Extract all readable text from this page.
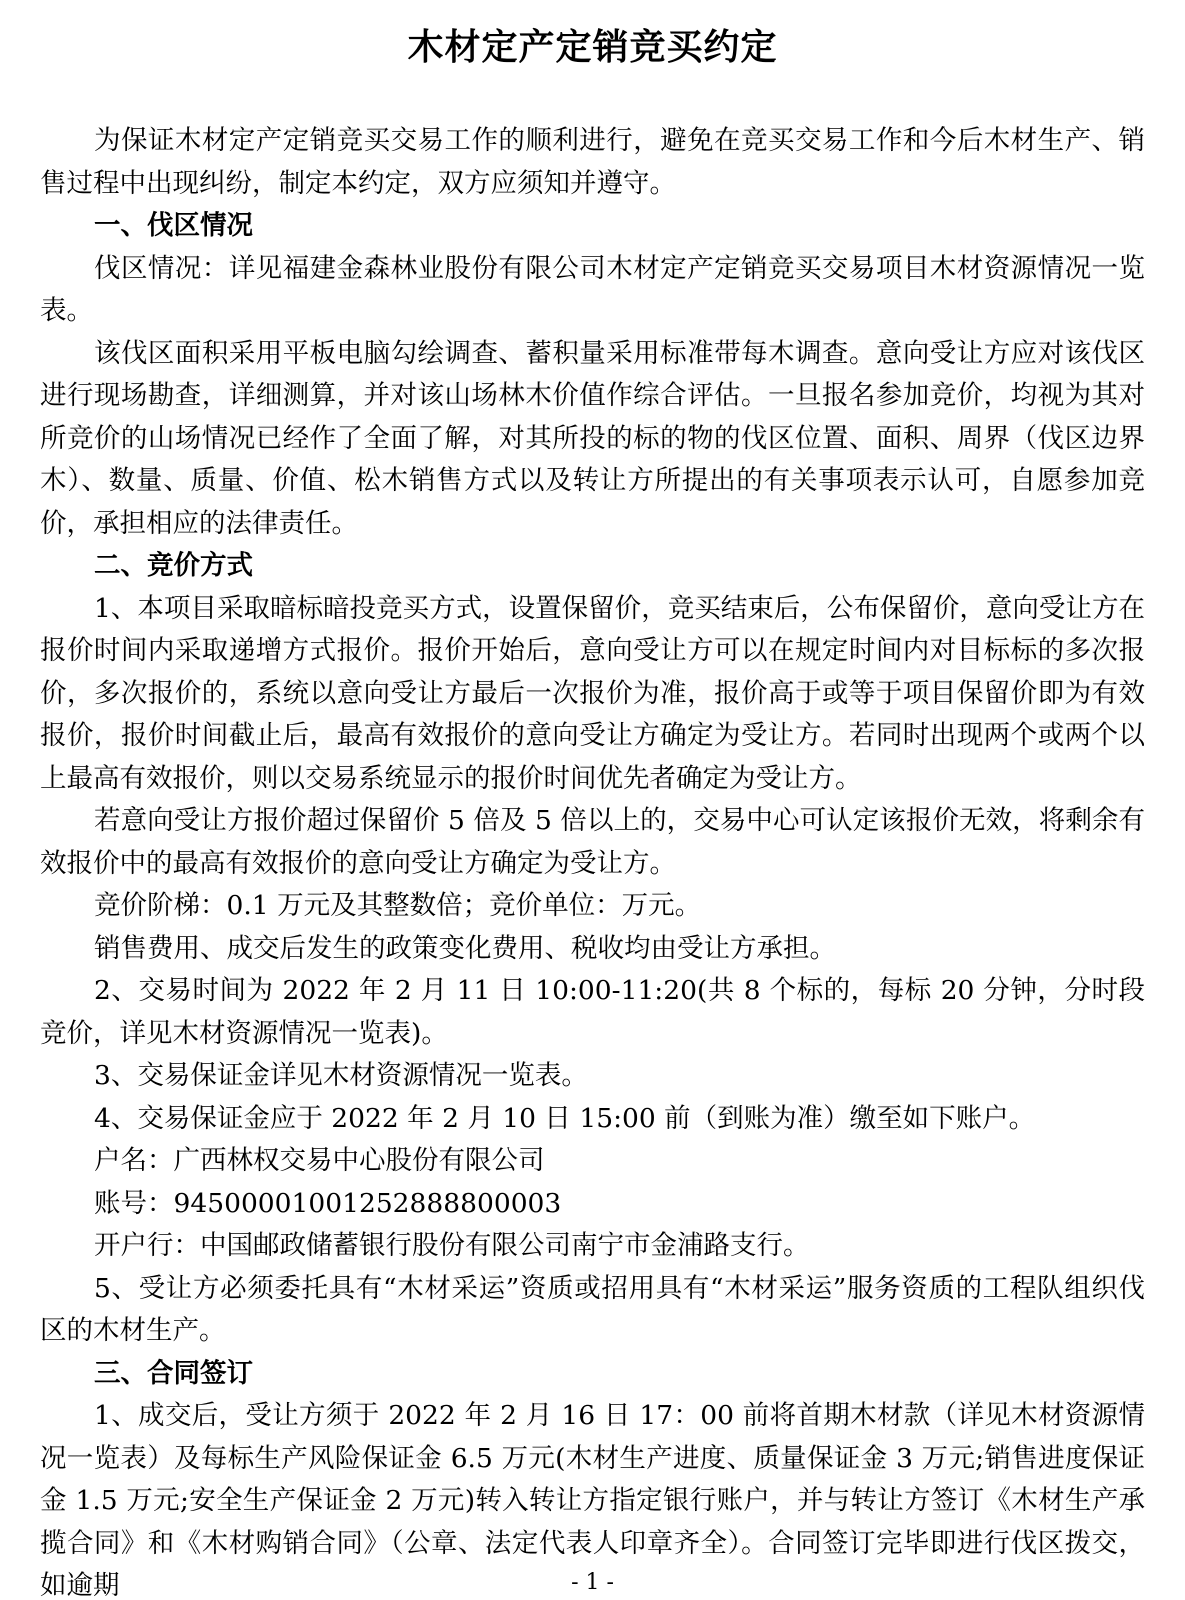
木材定产定销竞买约定

为保证木材定产定销竞买交易工作的顺利进行，避免在竞买交易工作和今后木材生产、销售过程中出现纠纷，制定本约定，双方应须知并遵守。

一、伐区情况

伐区情况：详见福建金森林业股份有限公司木材定产定销竞买交易项目木材资源情况一览表。

该伐区面积采用平板电脑勾绘调查、蓄积量采用标准带每木调查。意向受让方应对该伐区进行现场勘查，详细测算，并对该山场林木价值作综合评估。一旦报名参加竞价，均视为其对所竞价的山场情况已经作了全面了解，对其所投的标的物的伐区位置、面积、周界（伐区边界木）、数量、质量、价值、松木销售方式以及转让方所提出的有关事项表示认可，自愿参加竞价，承担相应的法律责任。

二、竞价方式

1、本项目采取暗标暗投竞买方式，设置保留价，竞买结束后，公布保留价，意向受让方在报价时间内采取递增方式报价。报价开始后，意向受让方可以在规定时间内对目标标的多次报价，多次报价的，系统以意向受让方最后一次报价为准，报价高于或等于项目保留价即为有效报价，报价时间截止后，最高有效报价的意向受让方确定为受让方。若同时出现两个或两个以上最高有效报价，则以交易系统显示的报价时间优先者确定为受让方。

若意向受让方报价超过保留价 5 倍及 5 倍以上的，交易中心可认定该报价无效，将剩余有效报价中的最高有效报价的意向受让方确定为受让方。

竞价阶梯：0.1 万元及其整数倍；竞价单位：万元。

销售费用、成交后发生的政策变化费用、税收均由受让方承担。

2、交易时间为 2022 年 2 月 11 日 10:00-11:20(共 8 个标的，每标 20 分钟，分时段竞价，详见木材资源情况一览表)。

3、交易保证金详见木材资源情况一览表。

4、交易保证金应于 2022 年 2 月 10 日 15:00 前（到账为准）缴至如下账户。

户名：广西林权交易中心股份有限公司

账号：94500001001252888800003

开户行：中国邮政储蓄银行股份有限公司南宁市金浦路支行。

5、受让方必须委托具有“木材采运”资质或招用具有“木材采运”服务资质的工程队组织伐区的木材生产。

三、合同签订

1、成交后，受让方须于 2022 年 2 月 16 日 17：00 前将首期木材款（详见木材资源情况一览表）及每标生产风险保证金 6.5 万元(木材生产进度、质量保证金 3 万元;销售进度保证金 1.5 万元;安全生产保证金 2 万元)转入转让方指定银行账户，并与转让方签订《木材生产承揽合同》和《木材购销合同》（公章、法定代表人印章齐全）。合同签订完毕即进行伐区拨交，如逾期	- 1 -
